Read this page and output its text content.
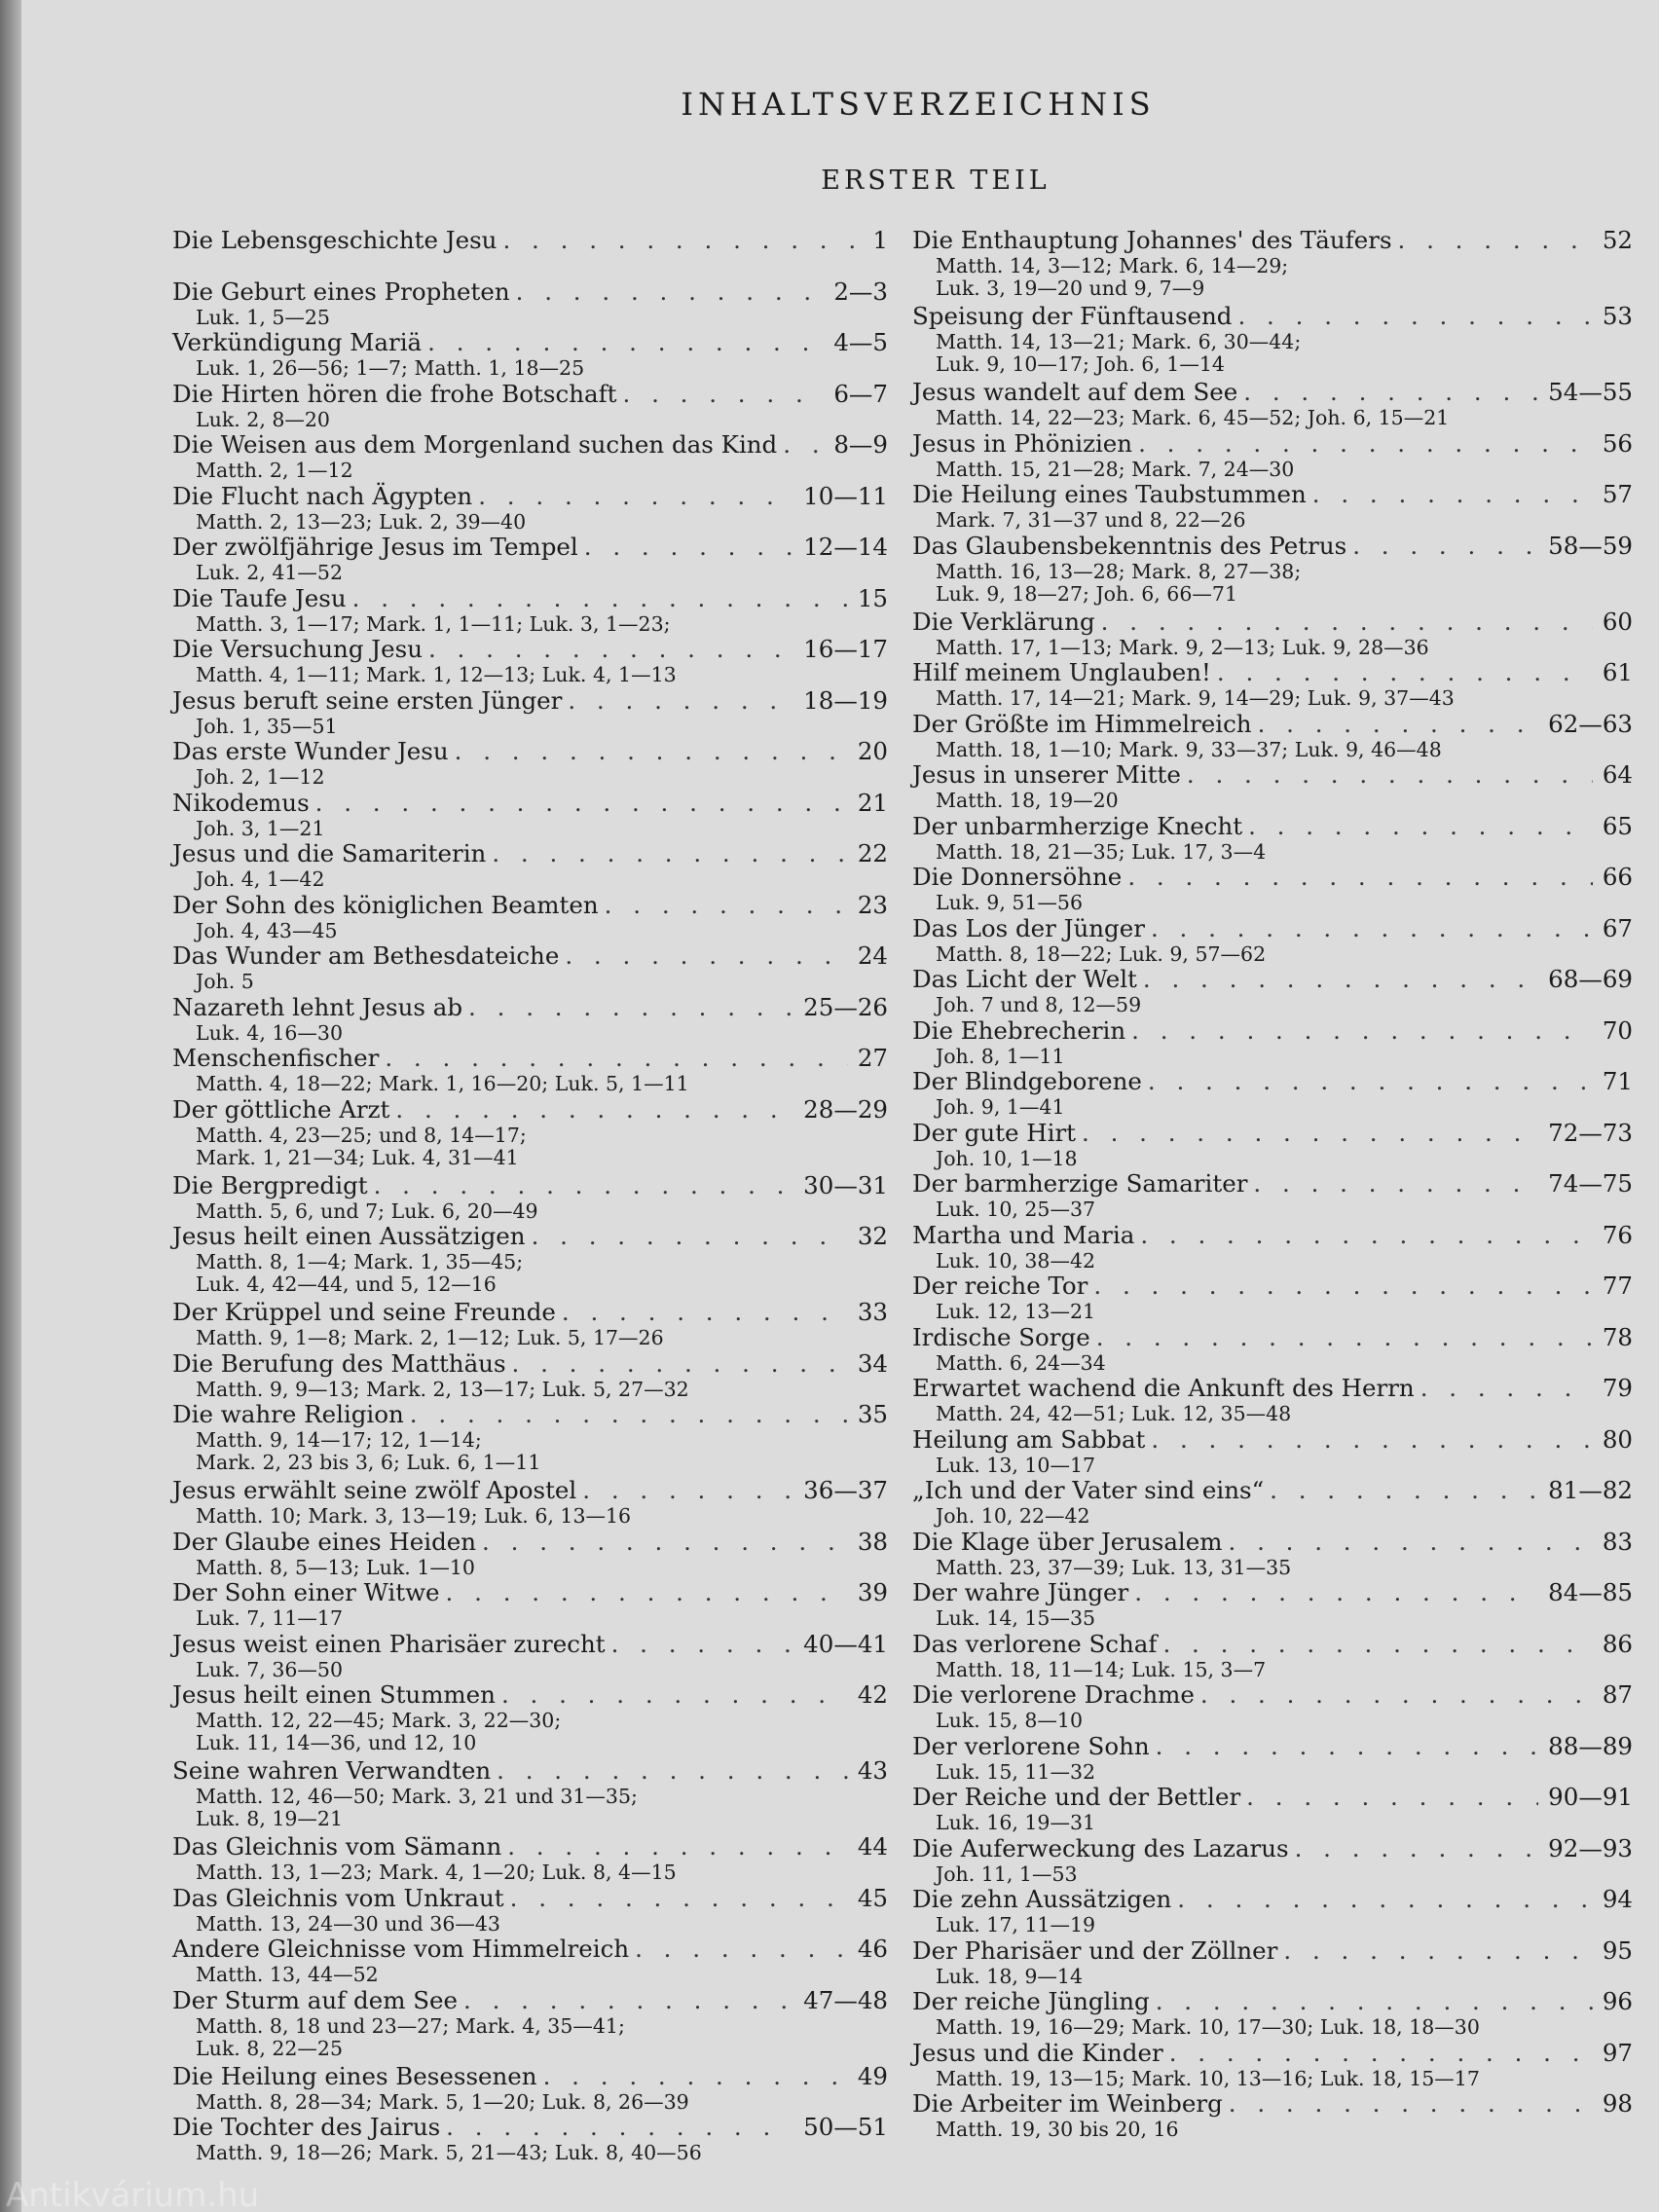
INHALTSVERZEICHNIS
ERSTER TEIL
Die Lebensgeschichte Jesu . . .	1
Die Geburt eines Propheten . . .	2—3
Luk. 1, 5—25
Verkündigung Mariä . . .	4—5
Luk. 1, 26—56; 1—7; Matth. 1, 18—25
Die Hirten hören die frohe Botschaft . . .	6—7
Luk. 2, 8—20
Die Weisen aus dem Morgenland suchen das Kind . . . 8—9
Matth. 2, 1—12
Die Flucht nach Ägypten . . .	10—11
Matth. 2, 13—23; Luk. 2, 39—40
Der zwölfjährige Jesus im Tempel . . .	12—14
Luk. 2, 41—52
Die Taufe Jesu . . .	15
Matth. 3, 1—17; Mark. 1, 1—11; Luk. 3, 1—23;
Die Versuchung Jesu . . .	16—17
Matth. 4, 1—11; Mark. 1, 12—13; Luk. 4, 1—13
Jesus beruft seine ersten Jünger . . .	18—19
Joh. 1, 35—51
Das erste Wunder Jesu . . .	20
Joh. 2, 1—12
Nikodemus . . .	21
Joh. 3, 1—21
Jesus und die Samariterin . . .	22
Joh. 4, 1—42
Der Sohn des königlichen Beamten . . .	23
Joh. 4, 43—45
Das Wunder am Bethesdateiche . . .	24
Joh. 5
Nazareth lehnt Jesus ab . . .	25—26
Luk. 4, 16—30
Menschenfischer . . .	27
Matth. 4, 18—22; Mark. 1, 16—20; Luk. 5, 1—11
Der göttliche Arzt . . .	28—29
Matth. 4, 23—25; und 8, 14—17;
Mark. 1, 21—34; Luk. 4, 31—41
Die Bergpredigt . . .	30—31
Matth. 5, 6, und 7; Luk. 6, 20—49
Jesus heilt einen Aussätzigen . . .	32
Matth. 8, 1—4; Mark. 1, 35—45;
Luk. 4, 42—44, und 5, 12—16
Der Krüppel und seine Freunde . . .	33
Matth. 9, 1—8; Mark. 2, 1—12; Luk. 5, 17—26
Die Berufung des Matthäus . . .	34
Matth. 9, 9—13; Mark. 2, 13—17; Luk. 5, 27—32
Die wahre Religion . . .	35
Matth. 9, 14—17; 12, 1—14;
Mark. 2, 23 bis 3, 6; Luk. 6, 1—11
Jesus erwählt seine zwölf Apostel . . .	36—37
Matth. 10; Mark. 3, 13—19; Luk. 6, 13—16
Der Glaube eines Heiden . . .	38
Matth. 8, 5—13; Luk. 1—10
Der Sohn einer Witwe . . .	39
Luk. 7, 11—17
Jesus weist einen Pharisäer zurecht . . .	40—41
Luk. 7, 36—50
Jesus heilt einen Stummen . . .	42
Matth. 12, 22—45; Mark. 3, 22—30;
Luk. 11, 14—36, und 12, 10
Seine wahren Verwandten . . .	43
Matth. 12, 46—50; Mark. 3, 21 und 31—35;
Luk. 8, 19—21
Das Gleichnis vom Sämann . . .	44
Matth. 13, 1—23; Mark. 4, 1—20; Luk. 8, 4—15
Das Gleichnis vom Unkraut . . .	45
Matth. 13, 24—30 und 36—43
Andere Gleichnisse vom Himmelreich . . .	46
Matth. 13, 44—52
Der Sturm auf dem See . . .	47—48
Matth. 8, 18 und 23—27; Mark. 4, 35—41;
Luk. 8, 22—25
Die Heilung eines Besessenen . . .	49
Matth. 8, 28—34; Mark. 5, 1—20; Luk. 8, 26—39
Die Tochter des Jairus . . .	50—51
Matth. 9, 18—26; Mark. 5, 21—43; Luk. 8, 40—56
Die Enthauptung Johannes' des Täufers . . .	52
Matth. 14, 3—12; Mark. 6, 14—29;
Luk. 3, 19—20 und 9, 7—9
Speisung der Fünftausend . . .	53
Matth. 14, 13—21; Mark. 6, 30—44;
Luk. 9, 10—17; Joh. 6, 1—14
Jesus wandelt auf dem See . . .	54—55
Matth. 14, 22—23; Mark. 6, 45—52; Joh. 6, 15—21
Jesus in Phönizien . . .	56
Matth. 15, 21—28; Mark. 7, 24—30
Die Heilung eines Taubstummen . . .	57
Mark. 7, 31—37 und 8, 22—26
Das Glaubensbekenntnis des Petrus . . .	58—59
Matth. 16, 13—28; Mark. 8, 27—38;
Luk. 9, 18—27; Joh. 6, 66—71
Die Verklärung . . .	60
Matth. 17, 1—13; Mark. 9, 2—13; Luk. 9, 28—36
Hilf meinem Unglauben! . . .	61
Matth. 17, 14—21; Mark. 9, 14—29; Luk. 9, 37—43
Der Größte im Himmelreich . . .	62—63
Matth. 18, 1—10; Mark. 9, 33—37; Luk. 9, 46—48
Jesus in unserer Mitte . . .	64
Matth. 18, 19—20
Der unbarmherzige Knecht . . .	65
Matth. 18, 21—35; Luk. 17, 3—4
Die Donnersöhne . . .	66
Luk. 9, 51—56
Das Los der Jünger . . .	67
Matth. 8, 18—22; Luk. 9, 57—62
Das Licht der Welt . . .	68—69
Joh. 7 und 8, 12—59
Die Ehebrecherin . . .	70
Joh. 8, 1—11
Der Blindgeborene . . .	71
Joh. 9, 1—41
Der gute Hirt . . .	72—73
Joh. 10, 1—18
Der barmherzige Samariter . . .	74—75
Luk. 10, 25—37
Martha und Maria . . .	76
Luk. 10, 38—42
Der reiche Tor . . .	77
Luk. 12, 13—21
Irdische Sorge . . .	78
Matth. 6, 24—34
Erwartet wachend die Ankunft des Herrn . . .	79
Matth. 24, 42—51; Luk. 12, 35—48
Heilung am Sabbat . . .	80
Luk. 13, 10—17
„Ich und der Vater sind eins“ . . .	81—82
Joh. 10, 22—42
Die Klage über Jerusalem . . .	83
Matth. 23, 37—39; Luk. 13, 31—35
Der wahre Jünger . . .	84—85
Luk. 14, 15—35
Das verlorene Schaf . . .	86
Matth. 18, 11—14; Luk. 15, 3—7
Die verlorene Drachme . . .	87
Luk. 15, 8—10
Der verlorene Sohn . . .	88—89
Luk. 15, 11—32
Der Reiche und der Bettler . . .	90—91
Luk. 16, 19—31
Die Auferweckung des Lazarus . . .	92—93
Joh. 11, 1—53
Die zehn Aussätzigen . . .	94
Luk. 17, 11—19
Der Pharisäer und der Zöllner . . .	95
Luk. 18, 9—14
Der reiche Jüngling . . .	96
Matth. 19, 16—29; Mark. 10, 17—30; Luk. 18, 18—30
Jesus und die Kinder . . .	97
Matth. 19, 13—15; Mark. 10, 13—16; Luk. 18, 15—17
Die Arbeiter im Weinberg . . .	98
Matth. 19, 30 bis 20, 16
Antikvárium.hu
